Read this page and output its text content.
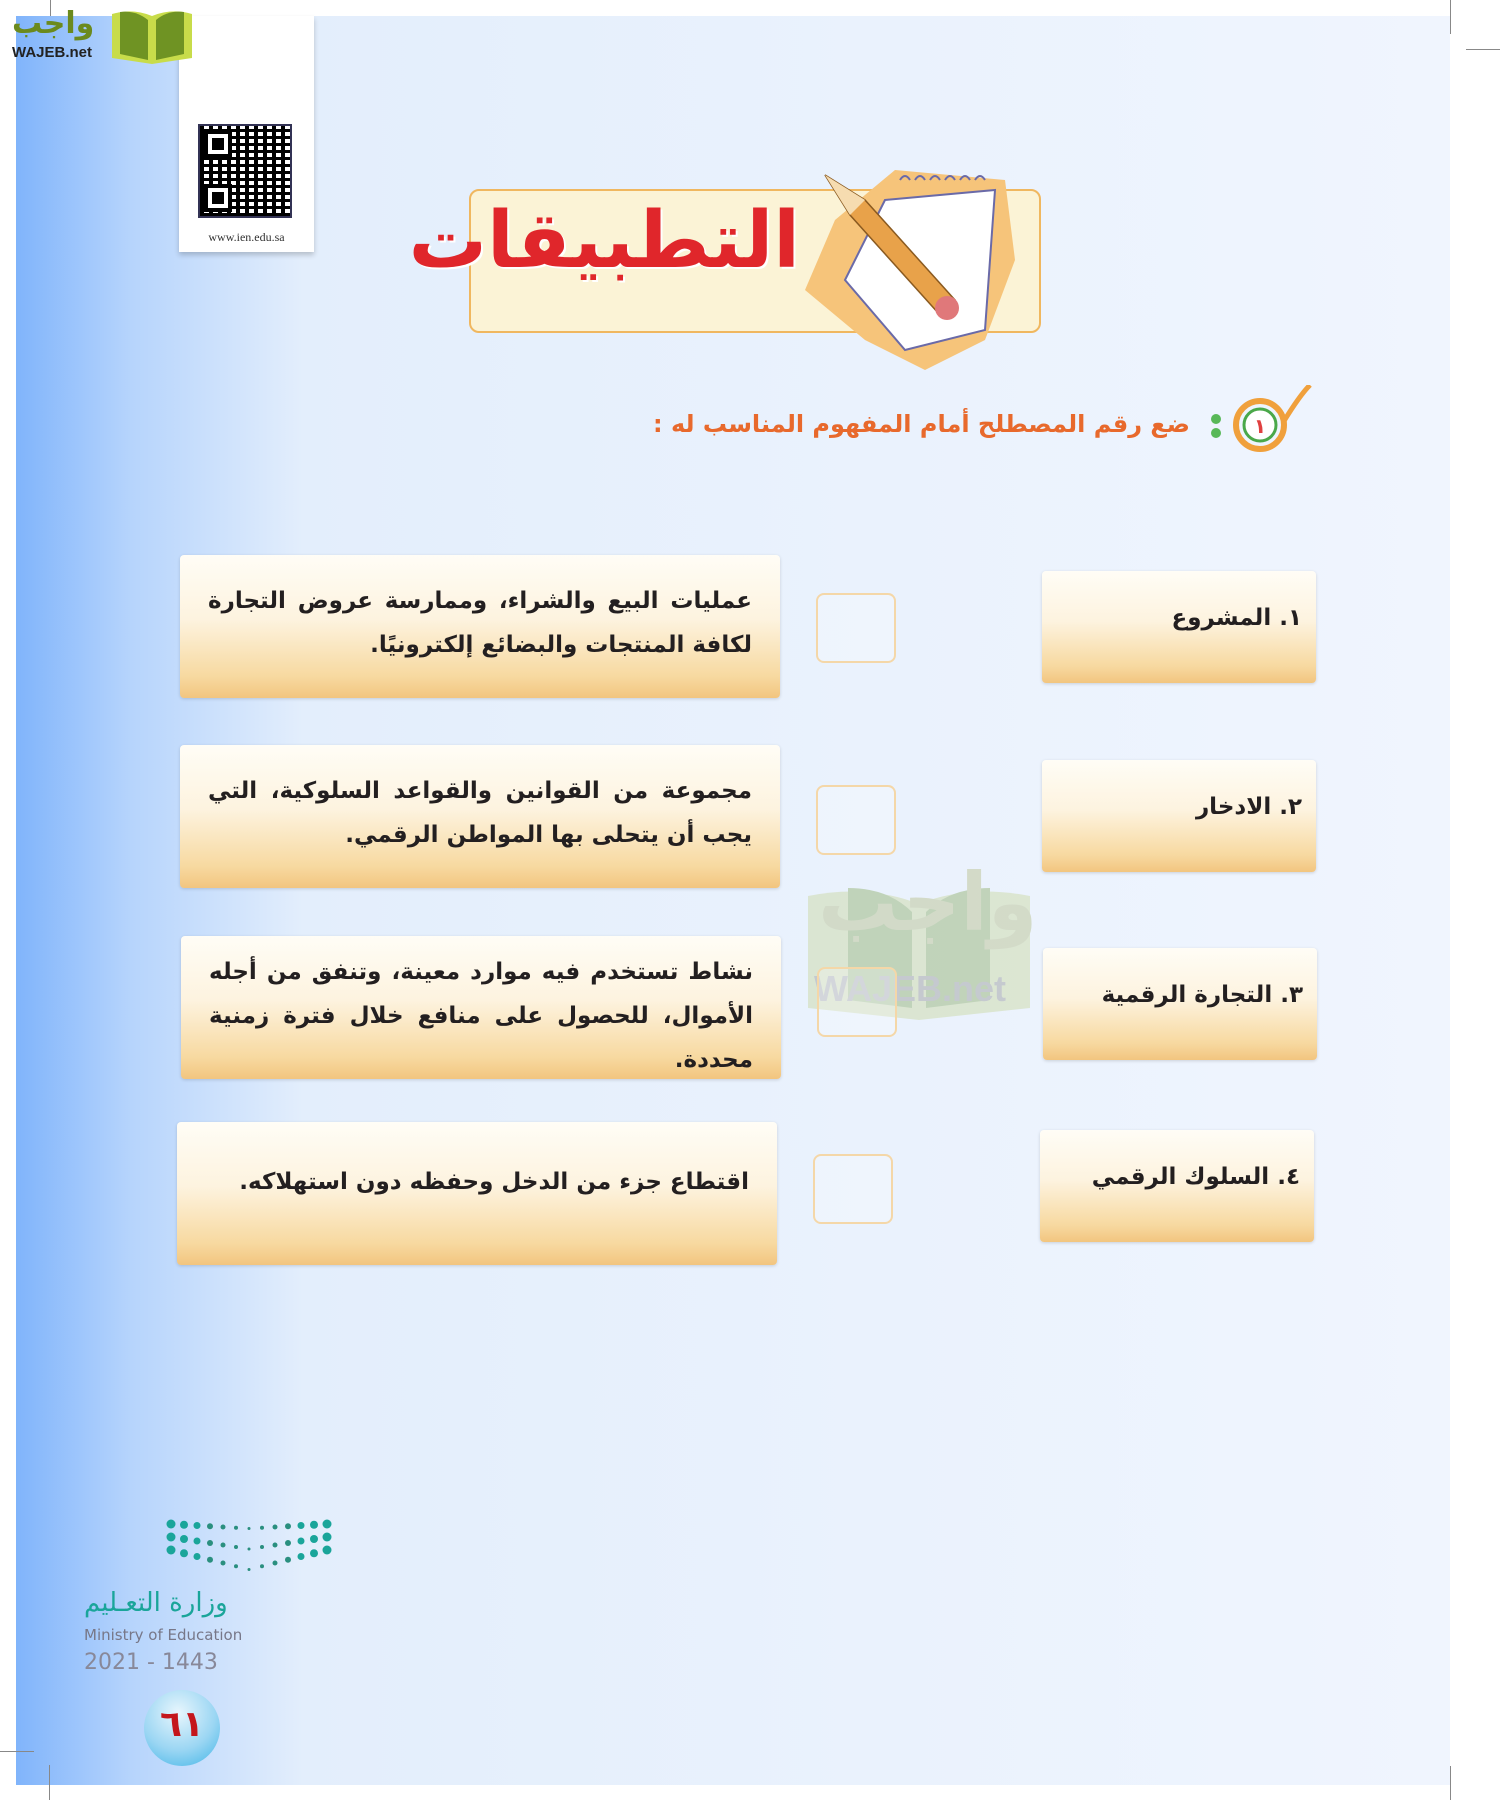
www.ien.edu.sa
واجب
WAJEB.net
التطبيقات
١
ضع رقم المصطلح أمام المفهوم المناسب له :
واجب
WAJEB.net

عمليات البيع والشراء، وممارسة عروض التجارة لكافة المنتجات والبضائع إلكترونيًا.

١. المشروع

مجموعة من القوانين والقواعد السلوكية، التي يجب أن يتحلى بها المواطن الرقمي.

٢. الادخار

نشاط تستخدم فيه موارد معينة، وتنفق من أجله الأموال، للحصول على منافع خلال فترة زمنية محددة.

٣. التجارة الرقمية

اقتطاع جزء من الدخل وحفظه دون استهلاكه.	٤. السلوك الرقمي
وزارة التعـليم
Ministry of Education
2021 - 1443
٦١
